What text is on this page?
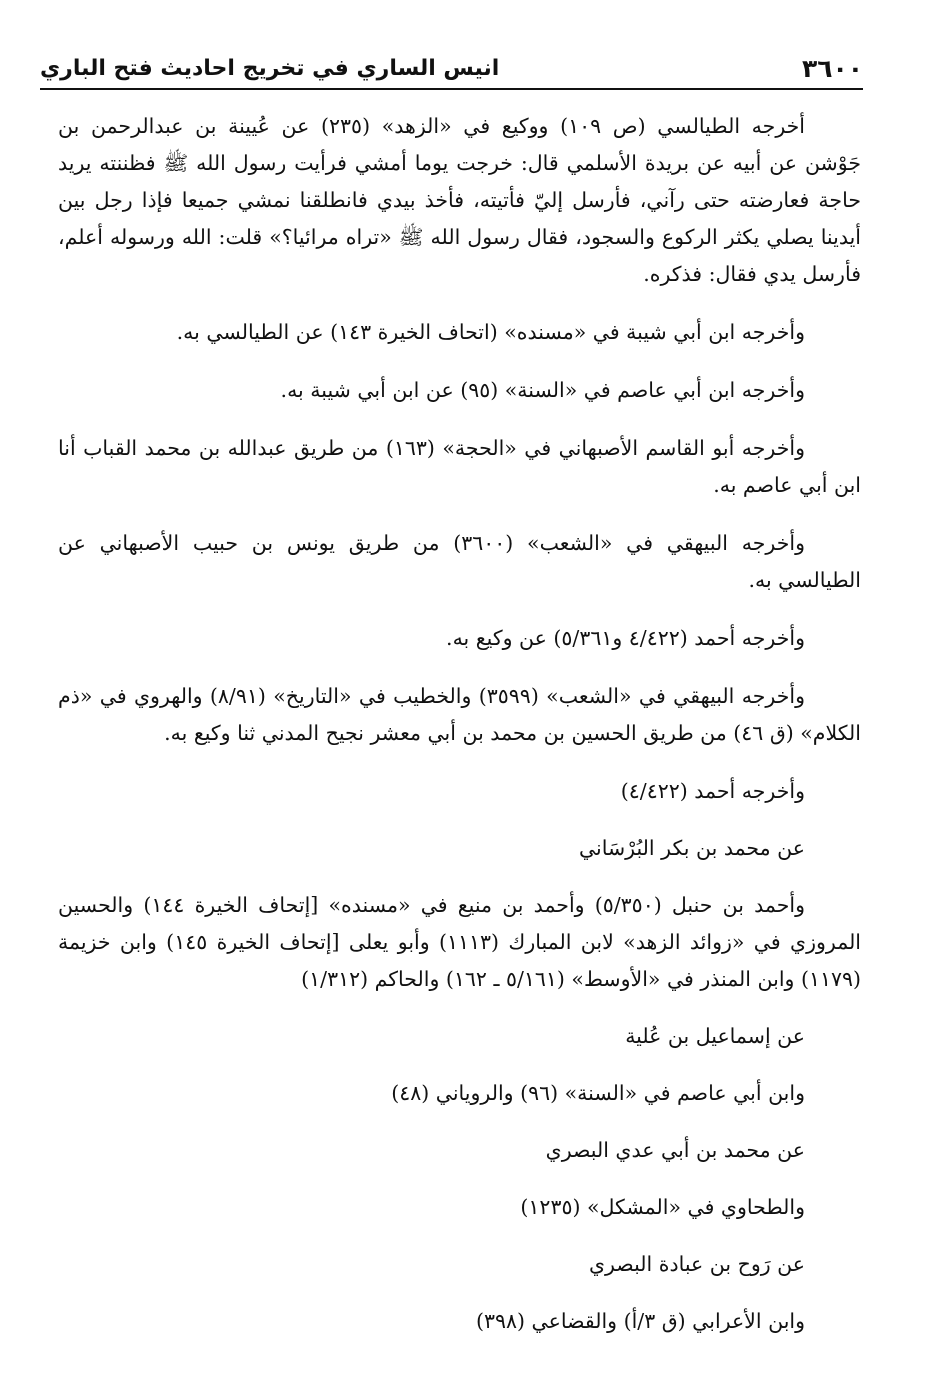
٣٦٠٠
انيس الساري في تخريج احاديث فتح الباري

أخرجه الطيالسي (ص ١٠٩) ووكيع في «الزهد» (٢٣٥) عن عُيينة بن عبدالرحمن بن جَوْشن عن أبيه عن بريدة الأسلمي قال: خرجت يوما أمشي فرأيت رسول الله ﷺ فظننته يريد حاجة فعارضته حتى رآني، فأرسل إليّ فأتيته، فأخذ بيدي فانطلقنا نمشي جميعا فإذا رجل بين أيدينا يصلي يكثر الركوع والسجود، فقال رسول الله ﷺ «تراه مرائيا؟» قلت: الله ورسوله أعلم، فأرسل يدي فقال: فذكره.

وأخرجه ابن أبي شيبة في «مسنده» (اتحاف الخيرة ١٤٣) عن الطيالسي به.

وأخرجه ابن أبي عاصم في «السنة» (٩٥) عن ابن أبي شيبة به.

وأخرجه أبو القاسم الأصبهاني في «الحجة» (١٦٣) من طريق عبدالله بن محمد القباب أنا ابن أبي عاصم به.

وأخرجه البيهقي في «الشعب» (٣٦٠٠) من طريق يونس بن حبيب الأصبهاني عن الطيالسي به.

وأخرجه أحمد (٤/٤٢٢ و٥/٣٦١) عن وكيع به.

وأخرجه البيهقي في «الشعب» (٣٥٩٩) والخطيب في «التاريخ» (٨/٩١) والهروي في «ذم الكلام» (ق ٤٦) من طريق الحسين بن محمد بن أبي معشر نجيح المدني ثنا وكيع به.

وأخرجه أحمد (٤/٤٢٢)

عن محمد بن بكر البُرْسَاني

وأحمد بن حنبل (٥/٣٥٠) وأحمد بن منيع في «مسنده» [إتحاف الخيرة ١٤٤) والحسين المروزي في «زوائد الزهد» لابن المبارك (١١١٣) وأبو يعلى [إتحاف الخيرة ١٤٥) وابن خزيمة (١١٧٩) وابن المنذر في «الأوسط» (٥/١٦١ ـ ١٦٢) والحاكم (١/٣١٢)

عن إسماعيل بن عُلية

وابن أبي عاصم في «السنة» (٩٦) والروياني (٤٨)

عن محمد بن أبي عدي البصري

والطحاوي في «المشكل» (١٢٣٥)

عن رَوح بن عبادة البصري

وابن الأعرابي (ق ٣/أ) والقضاعي (٣٩٨)
